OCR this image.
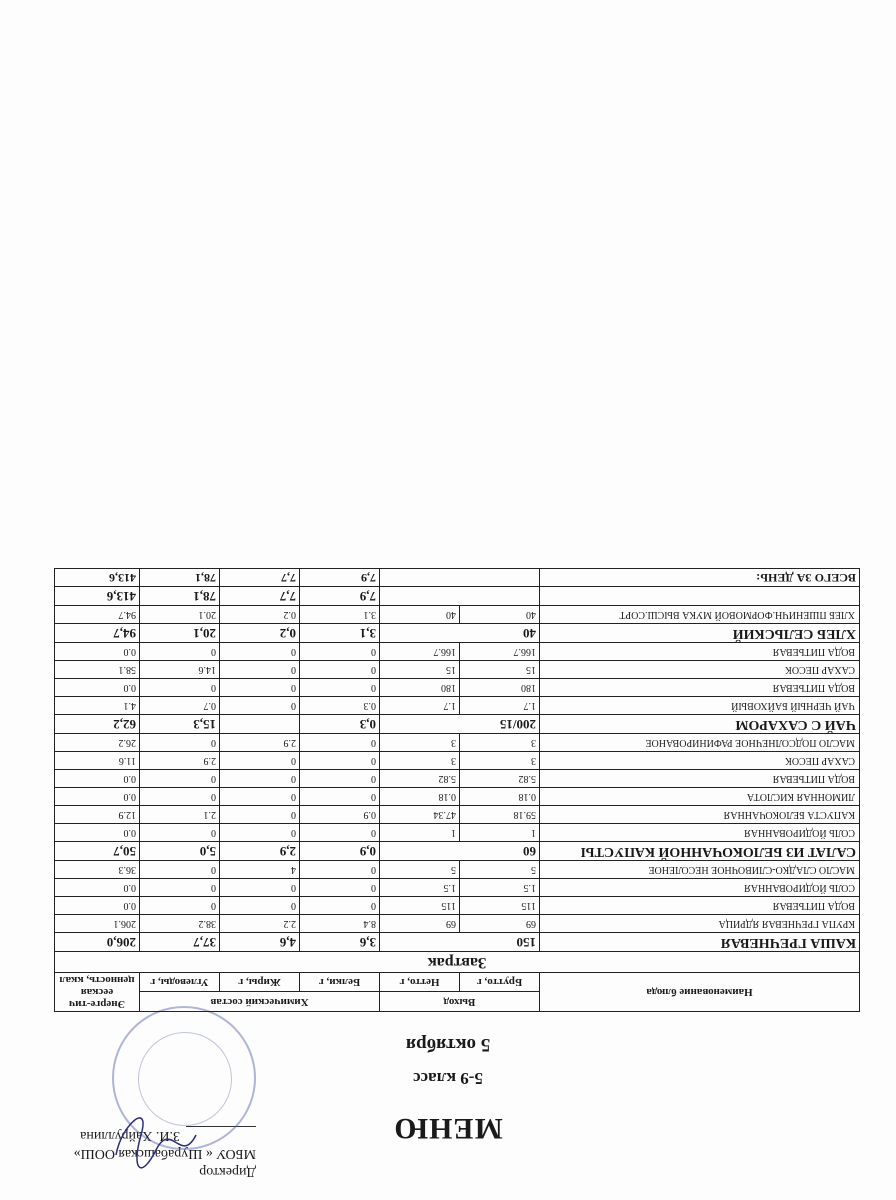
Директор
МБОУ « Шурабашская ООШ»
З.И. Хайруллина	МЕНЮ
5-9 класс
5 октября
Наименование блюда	Выход		Химический состав			Энерге-тич ееская ценность, ккал
	Брутто, г	Нетто, г	Белки, г	Жиры, г	Углеводы, г	
Завтрак						
КАША ГРЕЧНЕВАЯ	150		3,6	4,6	37,7	206,0
КРУПА ГРЕЧНЕВАЯ ЯДРИЦА	69	69	8.4	2.2	38.2	206.1
ВОДА ПИТЬЕВАЯ	115	115	0	0	0	0.0
СОЛЬ ЙОДИРОВАННАЯ	1.5	1.5	0	0	0	0.0
МАСЛО СЛАДКО-СЛИВОЧНОЕ НЕСОЛЕНОЕ	5	5	0	4	0	36.3
САЛАТ ИЗ БЕЛОКОЧАННОЙ КАПУСТЫ	60		0,9	2,9	5,0	50,7
СОЛЬ ЙОДИРОВАННАЯ	1	1	0	0	0	0.0
КАПУСТА БЕЛОКОЧАННАЯ	59.18	47.34	0.9	0	2.1	12.9
ЛИМОННАЯ КИСЛОТА	0.18	0.18	0	0	0	0.0
ВОДА ПИТЬЕВАЯ	5.82	5.82	0	0	0	0.0
САХАР ПЕСОК	3	3	0	0	2.9	11.6
МАСЛО ПОДСОЛНЕЧНОЕ РАФИНИРОВАНОЕ	3	3	0	2.9	0	26.2
ЧАЙ С САХАРОМ	200/15		0,3		15,3	62,2
ЧАЙ ЧЕРНЫЙ БАЙХОВЫЙ	1.7	1.7	0.3	0	0.7	4.1
ВОДА ПИТЬЕВАЯ	180	180	0	0	0	0.0
САХАР ПЕСОК	15	15	0	0	14.6	58.1
ВОДА ПИТЬЕВАЯ	166.7	166.7	0	0	0	0.0
ХЛЕБ СЕЛЬСКИЙ	40		3,1	0,2	20,1	94,7
ХЛЕБ ПШЕНИЧН.ФОРМОВОЙ МУКА ВЫСШ.СОРТ	40	40	3.1	0.2	20.1	94.7
			7,9	7,7	78,1	413,6
ВСЕГО ЗА ДЕНЬ:			7,9	7,7	78,1	413,6
